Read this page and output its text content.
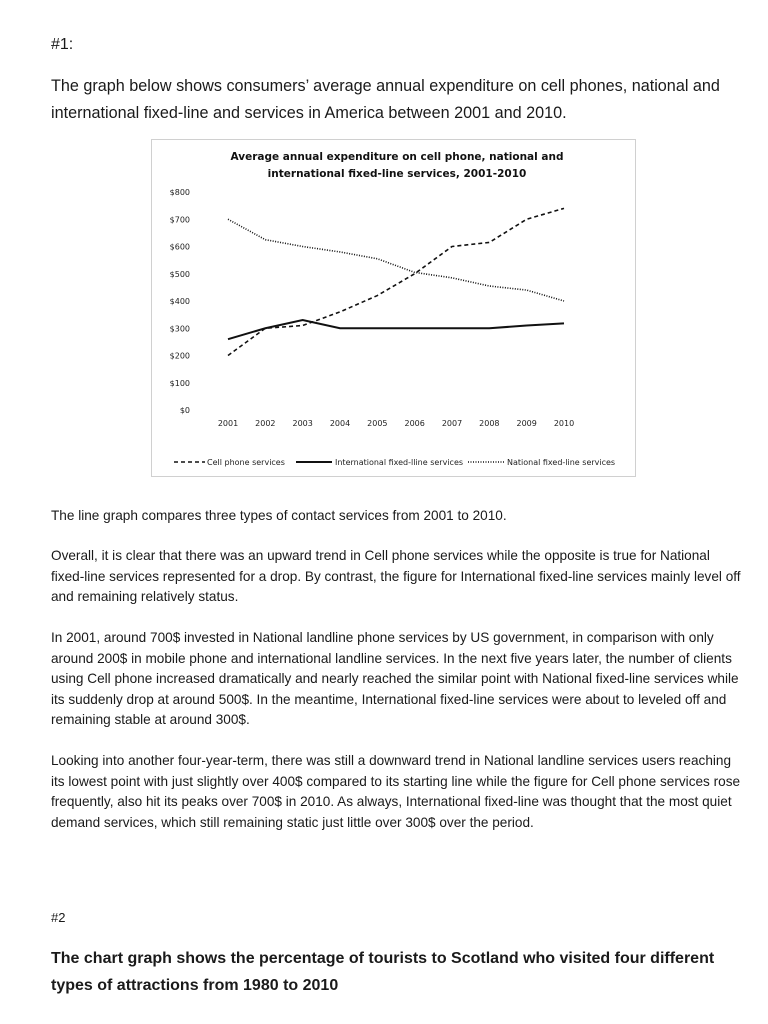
#1:
The graph below shows consumers’ average annual expenditure on cell phones, national and international fixed-line and services in America between 2001 and 2010.
Average annual expenditure on cell phone, national and
international fixed-line services, 2001-2010
$0
$100
$200
$300
$400
$500
$600
$700
$800
2001 2002 2003 2004 2005 2006 2007 2008 2009 2010
Cell phone services	International fixed-lline services	National fixed-line services

The line graph compares three types of contact services from 2001 to 2010.

Overall, it is clear that there was an upward trend in Cell phone services while the opposite is true for National fixed-line services represented for a drop. By contrast, the figure for International fixed-line services mainly level off and remaining relatively status.

In 2001, around 700$ invested in National landline phone services by US government, in comparison with only around 200$ in mobile phone and international landline services. In the next five years later, the number of clients using Cell phone increased dramatically and nearly reached the similar point with National fixed-line services while its suddenly drop at around 500$. In the meantime, International fixed-line services were about to leveled off and remaining stable at around 300$.

Looking into another four-year-term, there was still a downward trend in National landline services users reaching its lowest point with just slightly over 400$ compared to its starting line while the figure for Cell phone services rose frequently, also hit its peaks over 700$ in 2010. As always, International fixed-line was thought that the most quiet demand services, which still remaining static just little over 300$ over the period.

#2

The chart graph shows the percentage of tourists to Scotland who visited four different types of attractions from 1980 to 2010
